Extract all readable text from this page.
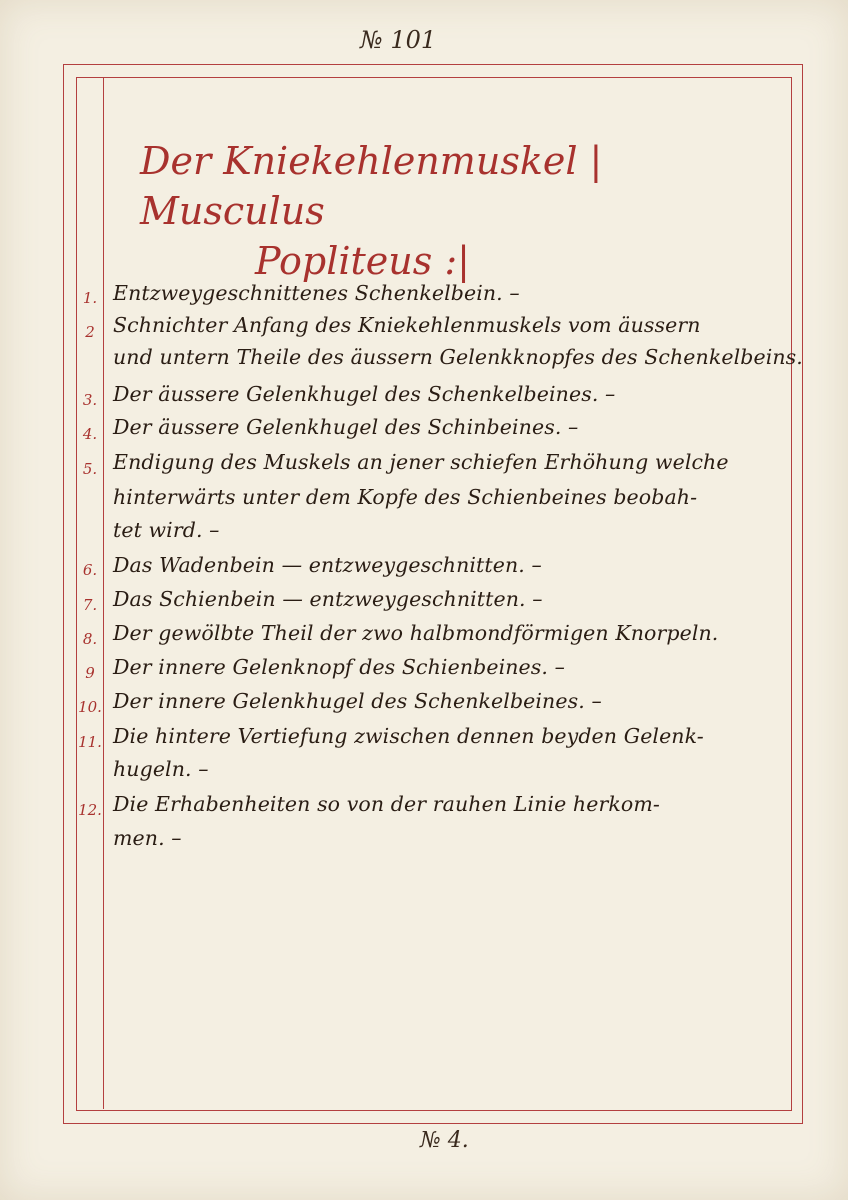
№ 101
Der Kniekehlenmuskel | Musculus
Popliteus :|
1. Entzweygeschnittenes Schenkelbein. –
2 Schnichter Anfang des Kniekehlenmuskels vom äussern
und untern Theile des äussern Gelenkknopfes des Schenkelbeins.
3. Der äussere Gelenkhugel des Schenkelbeines. –
4. Der äussere Gelenkhugel des Schinbeines. –
5. Endigung des Muskels an jener schiefen Erhöhung welche
hinterwärts unter dem Kopfe des Schienbeines beobah-
tet wird. –
6. Das Wadenbein — entzweygeschnitten. –
7. Das Schienbein — entzweygeschnitten. –
8. Der gewölbte Theil der zwo halbmondförmigen Knorpeln.
9 Der innere Gelenknopf des Schienbeines. –
10. Der innere Gelenkhugel des Schenkelbeines. –
11. Die hintere Vertiefung zwischen dennen beyden Gelenk-
hugeln. –
12. Die Erhabenheiten so von der rauhen Linie herkom-
men. –
№ 4.
